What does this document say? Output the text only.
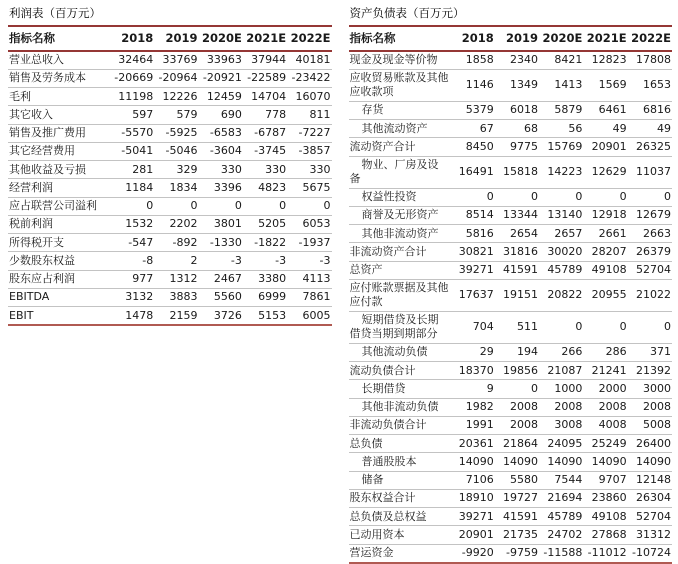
利润表（百万元）
指标名称	2018	2019	2020E	2021E	2022E
营业总收入	32464	33769	33963	37944	40181
销售及劳务成本	-20669	-20964	-20921	-22589	-23422
毛利	11198	12226	12459	14704	16070
其它收入	597	579	690	778	811
销售及推广费用	-5570	-5925	-6583	-6787	-7227
其它经营费用	-5041	-5046	-3604	-3745	-3857
其他收益及亏损	281	329	330	330	330
经营利润	1184	1834	3396	4823	5675
应占联营公司溢利	0	0	0	0	0
税前利润	1532	2202	3801	5205	6053
所得税开支	-547	-892	-1330	-1822	-1937
少数股东权益	-8	2	-3	-3	-3
股东应占利润	977	1312	2467	3380	4113
EBITDA	3132	3883	5560	6999	7861
EBIT	1478	2159	3726	5153	6005
资产负债表（百万元）
指标名称	2018	2019	2020E	2021E	2022E
现金及现金等价物	1858	2340	8421	12823	17808
应收贸易账款及其他应收款项	1146	1349	1413	1569	1653
存货	5379	6018	5879	6461	6816
其他流动资产	67	68	56	49	49
流动资产合计	8450	9775	15769	20901	26325
物业、厂房及设备	16491	15818	14223	12629	11037
权益性投资	0	0	0	0	0
商誉及无形资产	8514	13344	13140	12918	12679
其他非流动资产	5816	2654	2657	2661	2663
非流动资产合计	30821	31816	30020	28207	26379
总资产	39271	41591	45789	49108	52704
应付账款票据及其他应付款	17637	19151	20822	20955	21022
短期借贷及长期借贷当期到期部分	704	511	0	0	0
其他流动负债	29	194	266	286	371
流动负债合计	18370	19856	21087	21241	21392
长期借贷	9	0	1000	2000	3000
其他非流动负债	1982	2008	2008	2008	2008
非流动负债合计	1991	2008	3008	4008	5008
总负债	20361	21864	24095	25249	26400
普通股股本	14090	14090	14090	14090	14090
储备	7106	5580	7544	9707	12148
股东权益合计	18910	19727	21694	23860	26304
总负债及总权益	39271	41591	45789	49108	52704
已动用资本	20901	21735	24702	27868	31312
营运资金	-9920	-9759	-11588	-11012	-10724
